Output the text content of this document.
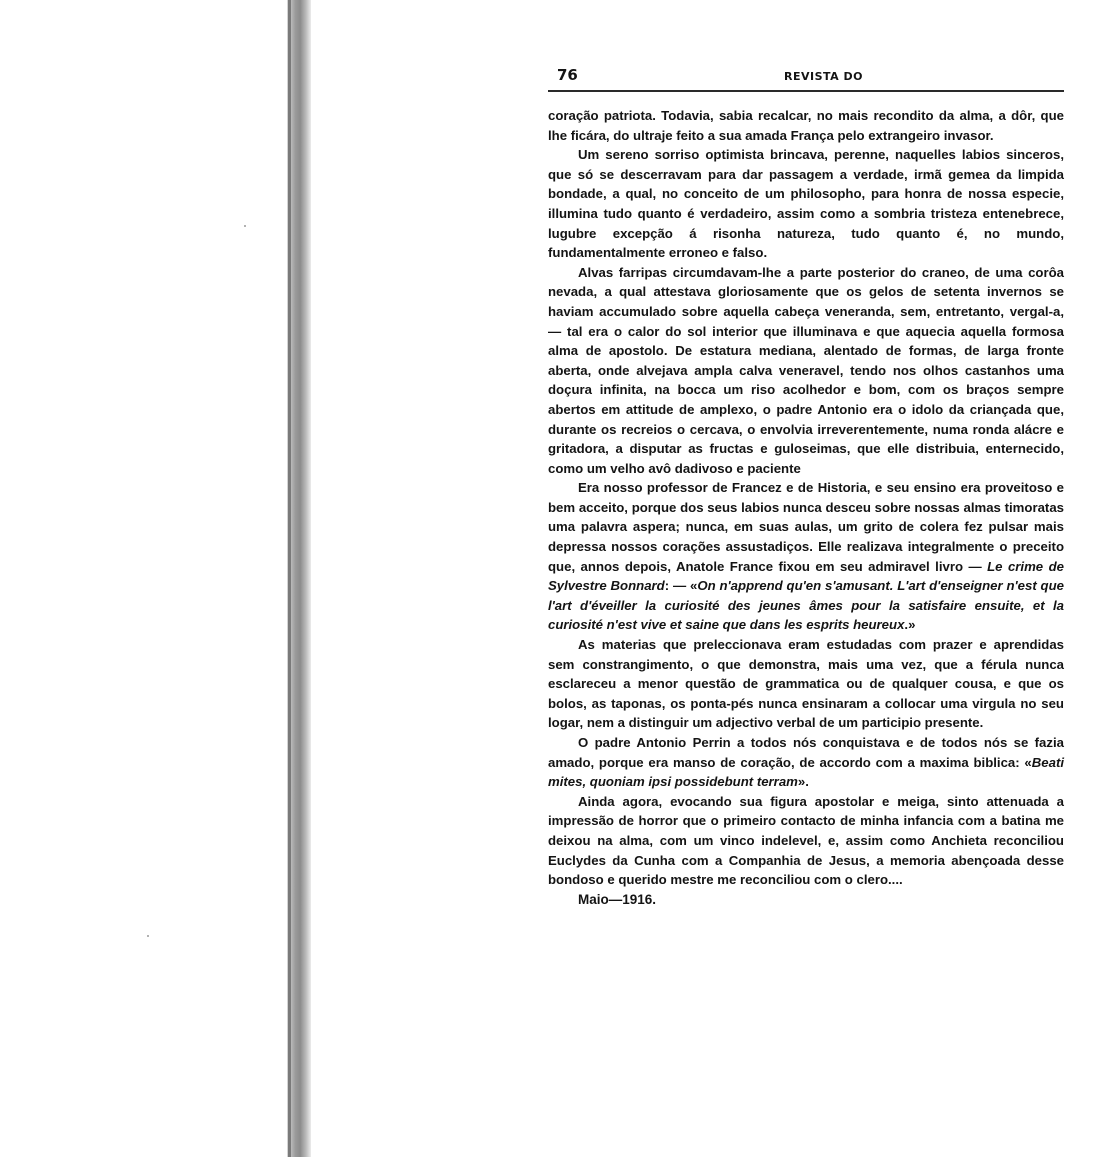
76	REVISTA DO

coração patriota. Todavia, sabia recalcar, no mais recondito da alma, a dôr, que lhe ficára, do ultraje feito a sua amada França pelo extrangeiro invasor.

Um sereno sorriso optimista brincava, perenne, naquelles labios sinceros, que só se descerravam para dar passagem a verdade, irmã gemea da limpida bondade, a qual, no conceito de um philosopho, para honra de nossa especie, illumina tudo quanto é verdadeiro, assim como a sombria tristeza entenebrece, lugubre excepção á risonha natureza, tudo quanto é, no mundo, fundamentalmente erroneo e falso.

Alvas farripas circumdavam-lhe a parte posterior do craneo, de uma corôa nevada, a qual attestava gloriosamente que os gelos de setenta invernos se haviam accumulado sobre aquella cabeça veneranda, sem, entretanto, vergal-a, — tal era o calor do sol interior que illuminava e que aquecia aquella formosa alma de apostolo. De estatura mediana, alentado de formas, de larga fronte aberta, onde alvejava ampla calva veneravel, tendo nos olhos castanhos uma doçura infinita, na bocca um riso acolhedor e bom, com os braços sempre abertos em attitude de amplexo, o padre Antonio era o idolo da criançada que, durante os recreios o cercava, o envolvia irreverentemente, numa ronda alácre e gritadora, a disputar as fructas e guloseimas, que elle distribuia, enternecido, como um velho avô dadivoso e paciente

Era nosso professor de Francez e de Historia, e seu ensino era proveitoso e bem acceito, porque dos seus labios nunca desceu sobre nossas almas timoratas uma palavra aspera; nunca, em suas aulas, um grito de colera fez pulsar mais depressa nossos corações assustadiços. Elle realizava integralmente o preceito que, annos depois, Anatole France fixou em seu admiravel livro — Le crime de Sylvestre Bonnard: — «On n'apprend qu'en s'amusant. L'art d'enseigner n'est que l'art d'éveiller la curiosité des jeunes âmes pour la satisfaire ensuite, et la curiosité n'est vive et saine que dans les esprits heureux.»

As materias que preleccionava eram estudadas com prazer e aprendidas sem constrangimento, o que demonstra, mais uma vez, que a férula nunca esclareceu a menor questão de grammatica ou de qualquer cousa, e que os bolos, as taponas, os ponta-pés nunca ensinaram a collocar uma virgula no seu logar, nem a distinguir um adjectivo verbal de um participio presente.

O padre Antonio Perrin a todos nós conquistava e de todos nós se fazia amado, porque era manso de coração, de accordo com a maxima biblica: «Beati mites, quoniam ipsi possidebunt terram».

Ainda agora, evocando sua figura apostolar e meiga, sinto attenuada a impressão de horror que o primeiro contacto de minha infancia com a batina me deixou na alma, com um vinco indelevel, e, assim como Anchieta reconciliou Euclydes da Cunha com a Companhia de Jesus, a memoria abençoada desse bondoso e querido mestre me reconciliou com o clero....

Maio—1916.
